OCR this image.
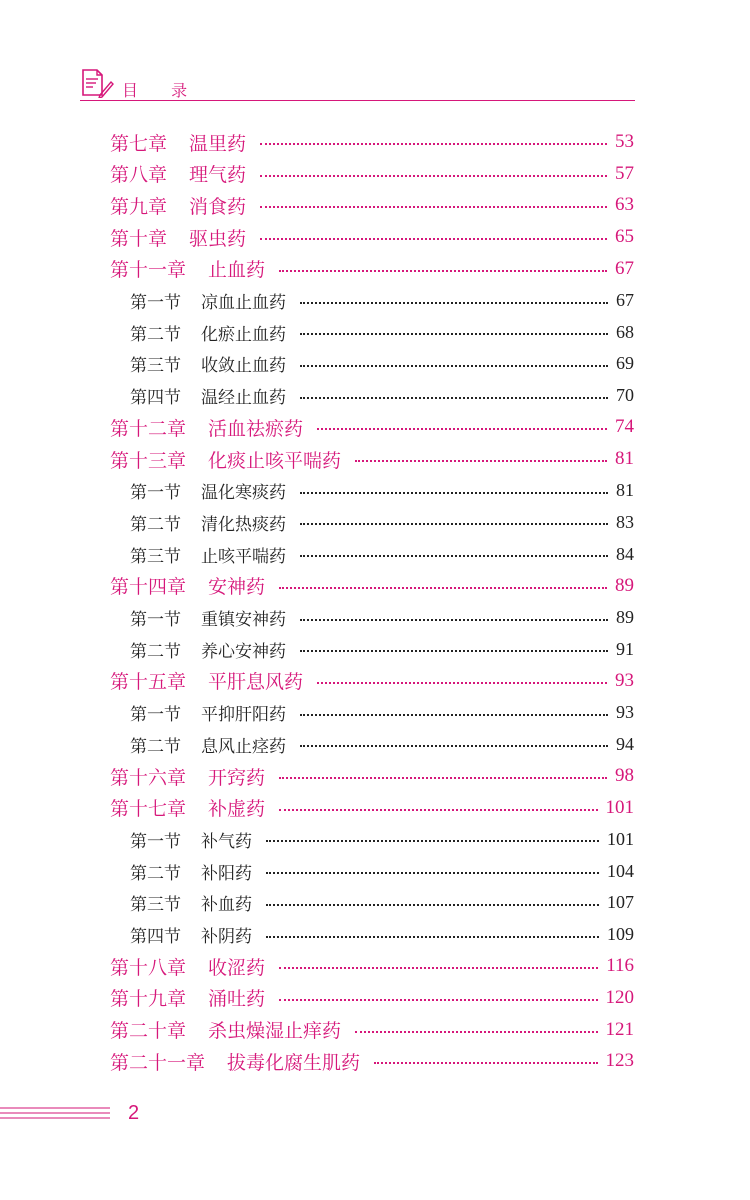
目 录
第七章 温里药	53
第八章 理气药	57
第九章 消食药	63
第十章 驱虫药	65
第十一章 止血药	67
第一节 凉血止血药	67
第二节 化瘀止血药	68
第三节 收敛止血药	69
第四节 温经止血药	70
第十二章 活血祛瘀药	74
第十三章 化痰止咳平喘药	81
第一节 温化寒痰药	81
第二节 清化热痰药	83
第三节 止咳平喘药	84
第十四章 安神药	89
第一节 重镇安神药	89
第二节 养心安神药	91
第十五章 平肝息风药	93
第一节 平抑肝阳药	93
第二节 息风止痉药	94
第十六章 开窍药	98
第十七章 补虚药	101
第一节 补气药	101
第二节 补阳药	104
第三节 补血药	107
第四节 补阴药	109
第十八章 收涩药	116
第十九章 涌吐药	120
第二十章 杀虫燥湿止痒药	121
第二十一章 拔毒化腐生肌药	123
2
